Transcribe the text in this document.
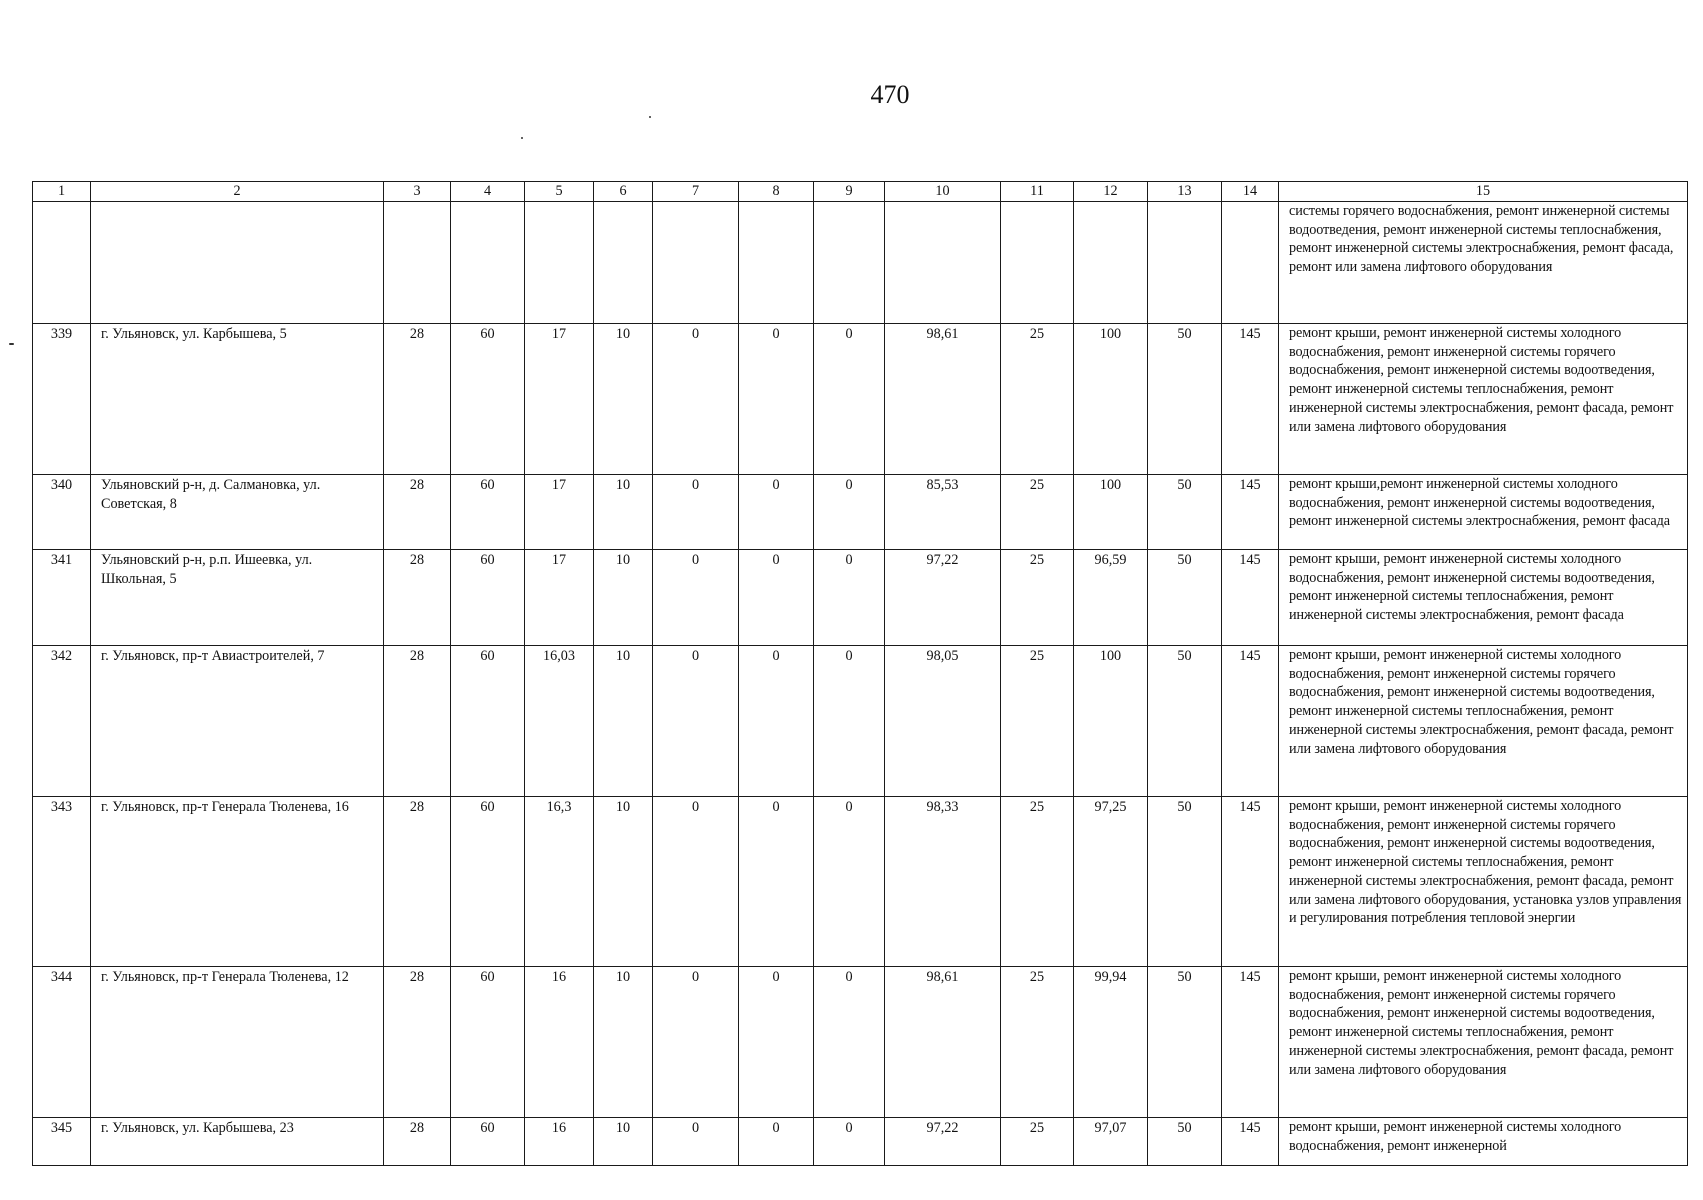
470
1	2	3	4	5	6	7	8	9	10	11	12	13	14	15
														системы горячего водоснабжения, ремонт инженерной системы водоотведения, ремонт инженерной системы теплоснабжения, ремонт инженерной системы электроснабжения, ремонт фасада, ремонт или замена лифтового оборудования
339	г. Ульяновск, ул. Карбышева, 5	28	60	17	10	0	0	0	98,61	25	100	50	145	ремонт крыши, ремонт инженерной системы холодного водоснабжения, ремонт инженерной системы горячего водоснабжения, ремонт инженерной системы водоотведения, ремонт инженерной системы теплоснабжения, ремонт инженерной системы электроснабжения, ремонт фасада, ремонт или замена лифтового оборудования
340	Ульяновский р-н, д. Салмановка, ул. Советская, 8	28	60	17	10	0	0	0	85,53	25	100	50	145	ремонт крыши,ремонт инженерной системы холодного водоснабжения, ремонт инженерной системы водоотведения, ремонт инженерной системы электроснабжения, ремонт фасада
341	Ульяновский р-н, р.п. Ишеевка, ул. Школьная, 5	28	60	17	10	0	0	0	97,22	25	96,59	50	145	ремонт крыши, ремонт инженерной системы холодного водоснабжения, ремонт инженерной системы водоотведения, ремонт инженерной системы теплоснабжения, ремонт инженерной системы электроснабжения, ремонт фасада
342	г. Ульяновск, пр-т Авиастроителей, 7	28	60	16,03	10	0	0	0	98,05	25	100	50	145	ремонт крыши, ремонт инженерной системы холодного водоснабжения, ремонт инженерной системы горячего водоснабжения, ремонт инженерной системы водоотведения, ремонт инженерной системы теплоснабжения, ремонт инженерной системы электроснабжения, ремонт фасада, ремонт или замена лифтового оборудования
343	г. Ульяновск, пр-т Генерала Тюленева, 16	28	60	16,3	10	0	0	0	98,33	25	97,25	50	145	ремонт крыши, ремонт инженерной системы холодного водоснабжения, ремонт инженерной системы горячего водоснабжения, ремонт инженерной системы водоотведения, ремонт инженерной системы теплоснабжения, ремонт инженерной системы электроснабжения, ремонт фасада, ремонт или замена лифтового оборудования, установка узлов управления и регулирования потребления тепловой энергии
344	г. Ульяновск, пр-т Генерала Тюленева, 12	28	60	16	10	0	0	0	98,61	25	99,94	50	145	ремонт крыши, ремонт инженерной системы холодного водоснабжения, ремонт инженерной системы горячего водоснабжения, ремонт инженерной системы водоотведения, ремонт инженерной системы теплоснабжения, ремонт инженерной системы электроснабжения, ремонт фасада, ремонт или замена лифтового оборудования
345	г. Ульяновск, ул. Карбышева, 23	28	60	16	10	0	0	0	97,22	25	97,07	50	145	ремонт крыши, ремонт инженерной системы холодного водоснабжения, ремонт инженерной
